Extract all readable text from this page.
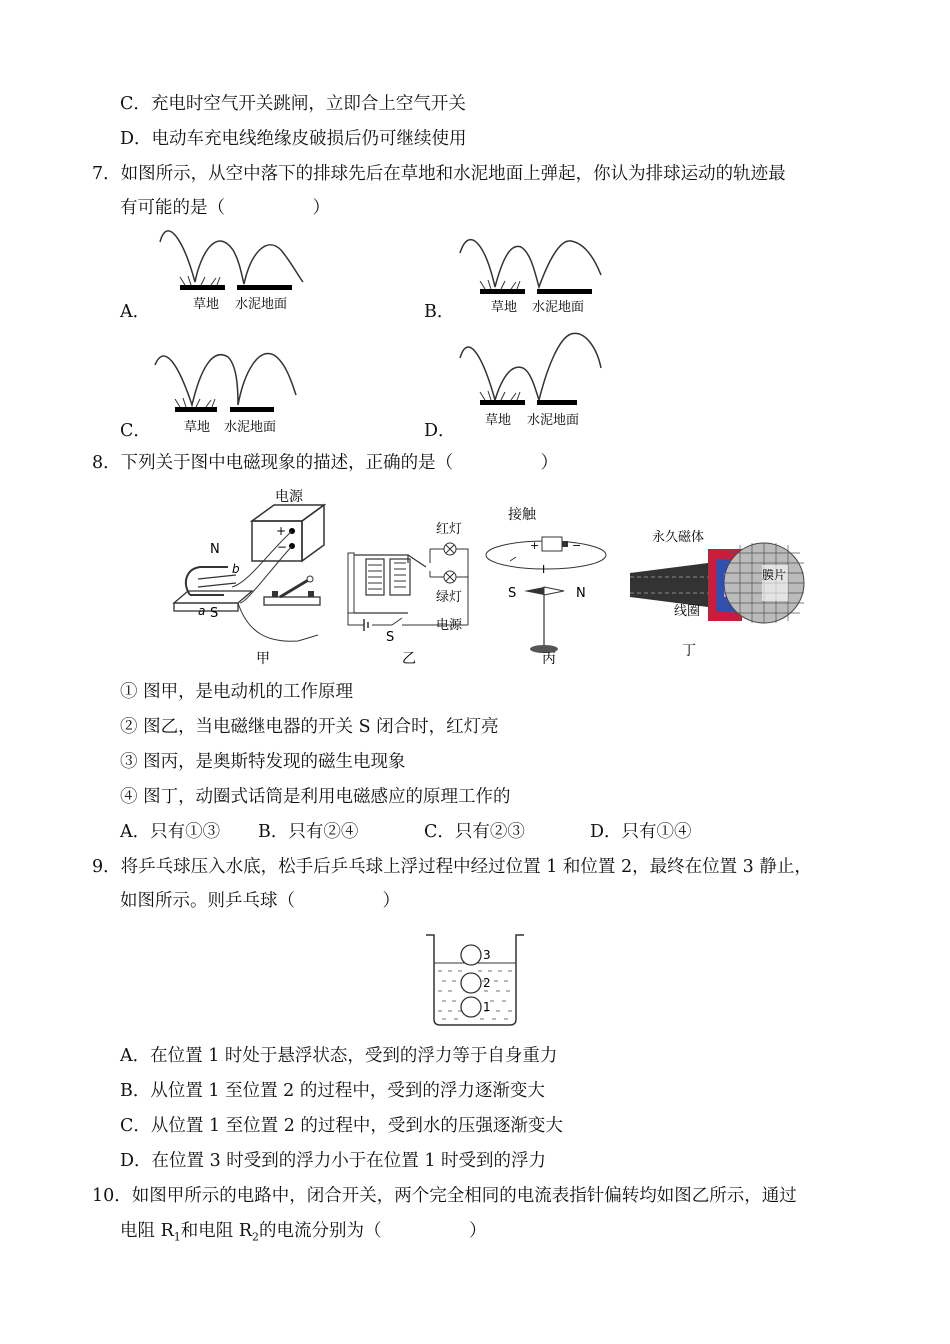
C．充电时空气开关跳闸，立即合上空气开关
D．电动车充电线绝缘皮破损后仍可继续使用
7．如图所示，从空中落下的排球先后在草地和水泥地面上弹起，你认为排球运动的轨迹最
有可能的是（　　　　　）
A．	B．
C．	D．
草地 水泥地面	草地 水泥地面
草地 水泥地面	草地 水泥地面
8．下列关于图中电磁现象的描述，正确的是（　　　　　）
电源
+
−
N
S
a
b
甲
红灯
绿灯
S
电源
乙
接触
+	−
I
S	N
丙
永久磁体
膜片
线圈
丁
① 图甲，是电动机的工作原理
② 图乙，当电磁继电器的开关 S 闭合时，红灯亮
③ 图丙，是奥斯特发现的磁生电现象
④ 图丁，动圈式话筒是利用电磁感应的原理工作的
A．只有①③ B．只有②④	C．只有②③	D．只有①④
9．将乒乓球压入水底，松手后乒乓球上浮过程中经过位置 1 和位置 2，最终在位置 3 静止，
如图所示。则乒乓球（　　　　　）
3
2
1
A．在位置 1 时处于悬浮状态，受到的浮力等于自身重力
B．从位置 1 至位置 2 的过程中，受到的浮力逐渐变大
C．从位置 1 至位置 2 的过程中，受到水的压强逐渐变大
D．在位置 3 时受到的浮力小于在位置 1 时受到的浮力
10．如图甲所示的电路中，闭合开关，两个完全相同的电流表指针偏转均如图乙所示，通过
电阻 $R_1$和电阻 $R_2$的电流分别为（　　　　　）
